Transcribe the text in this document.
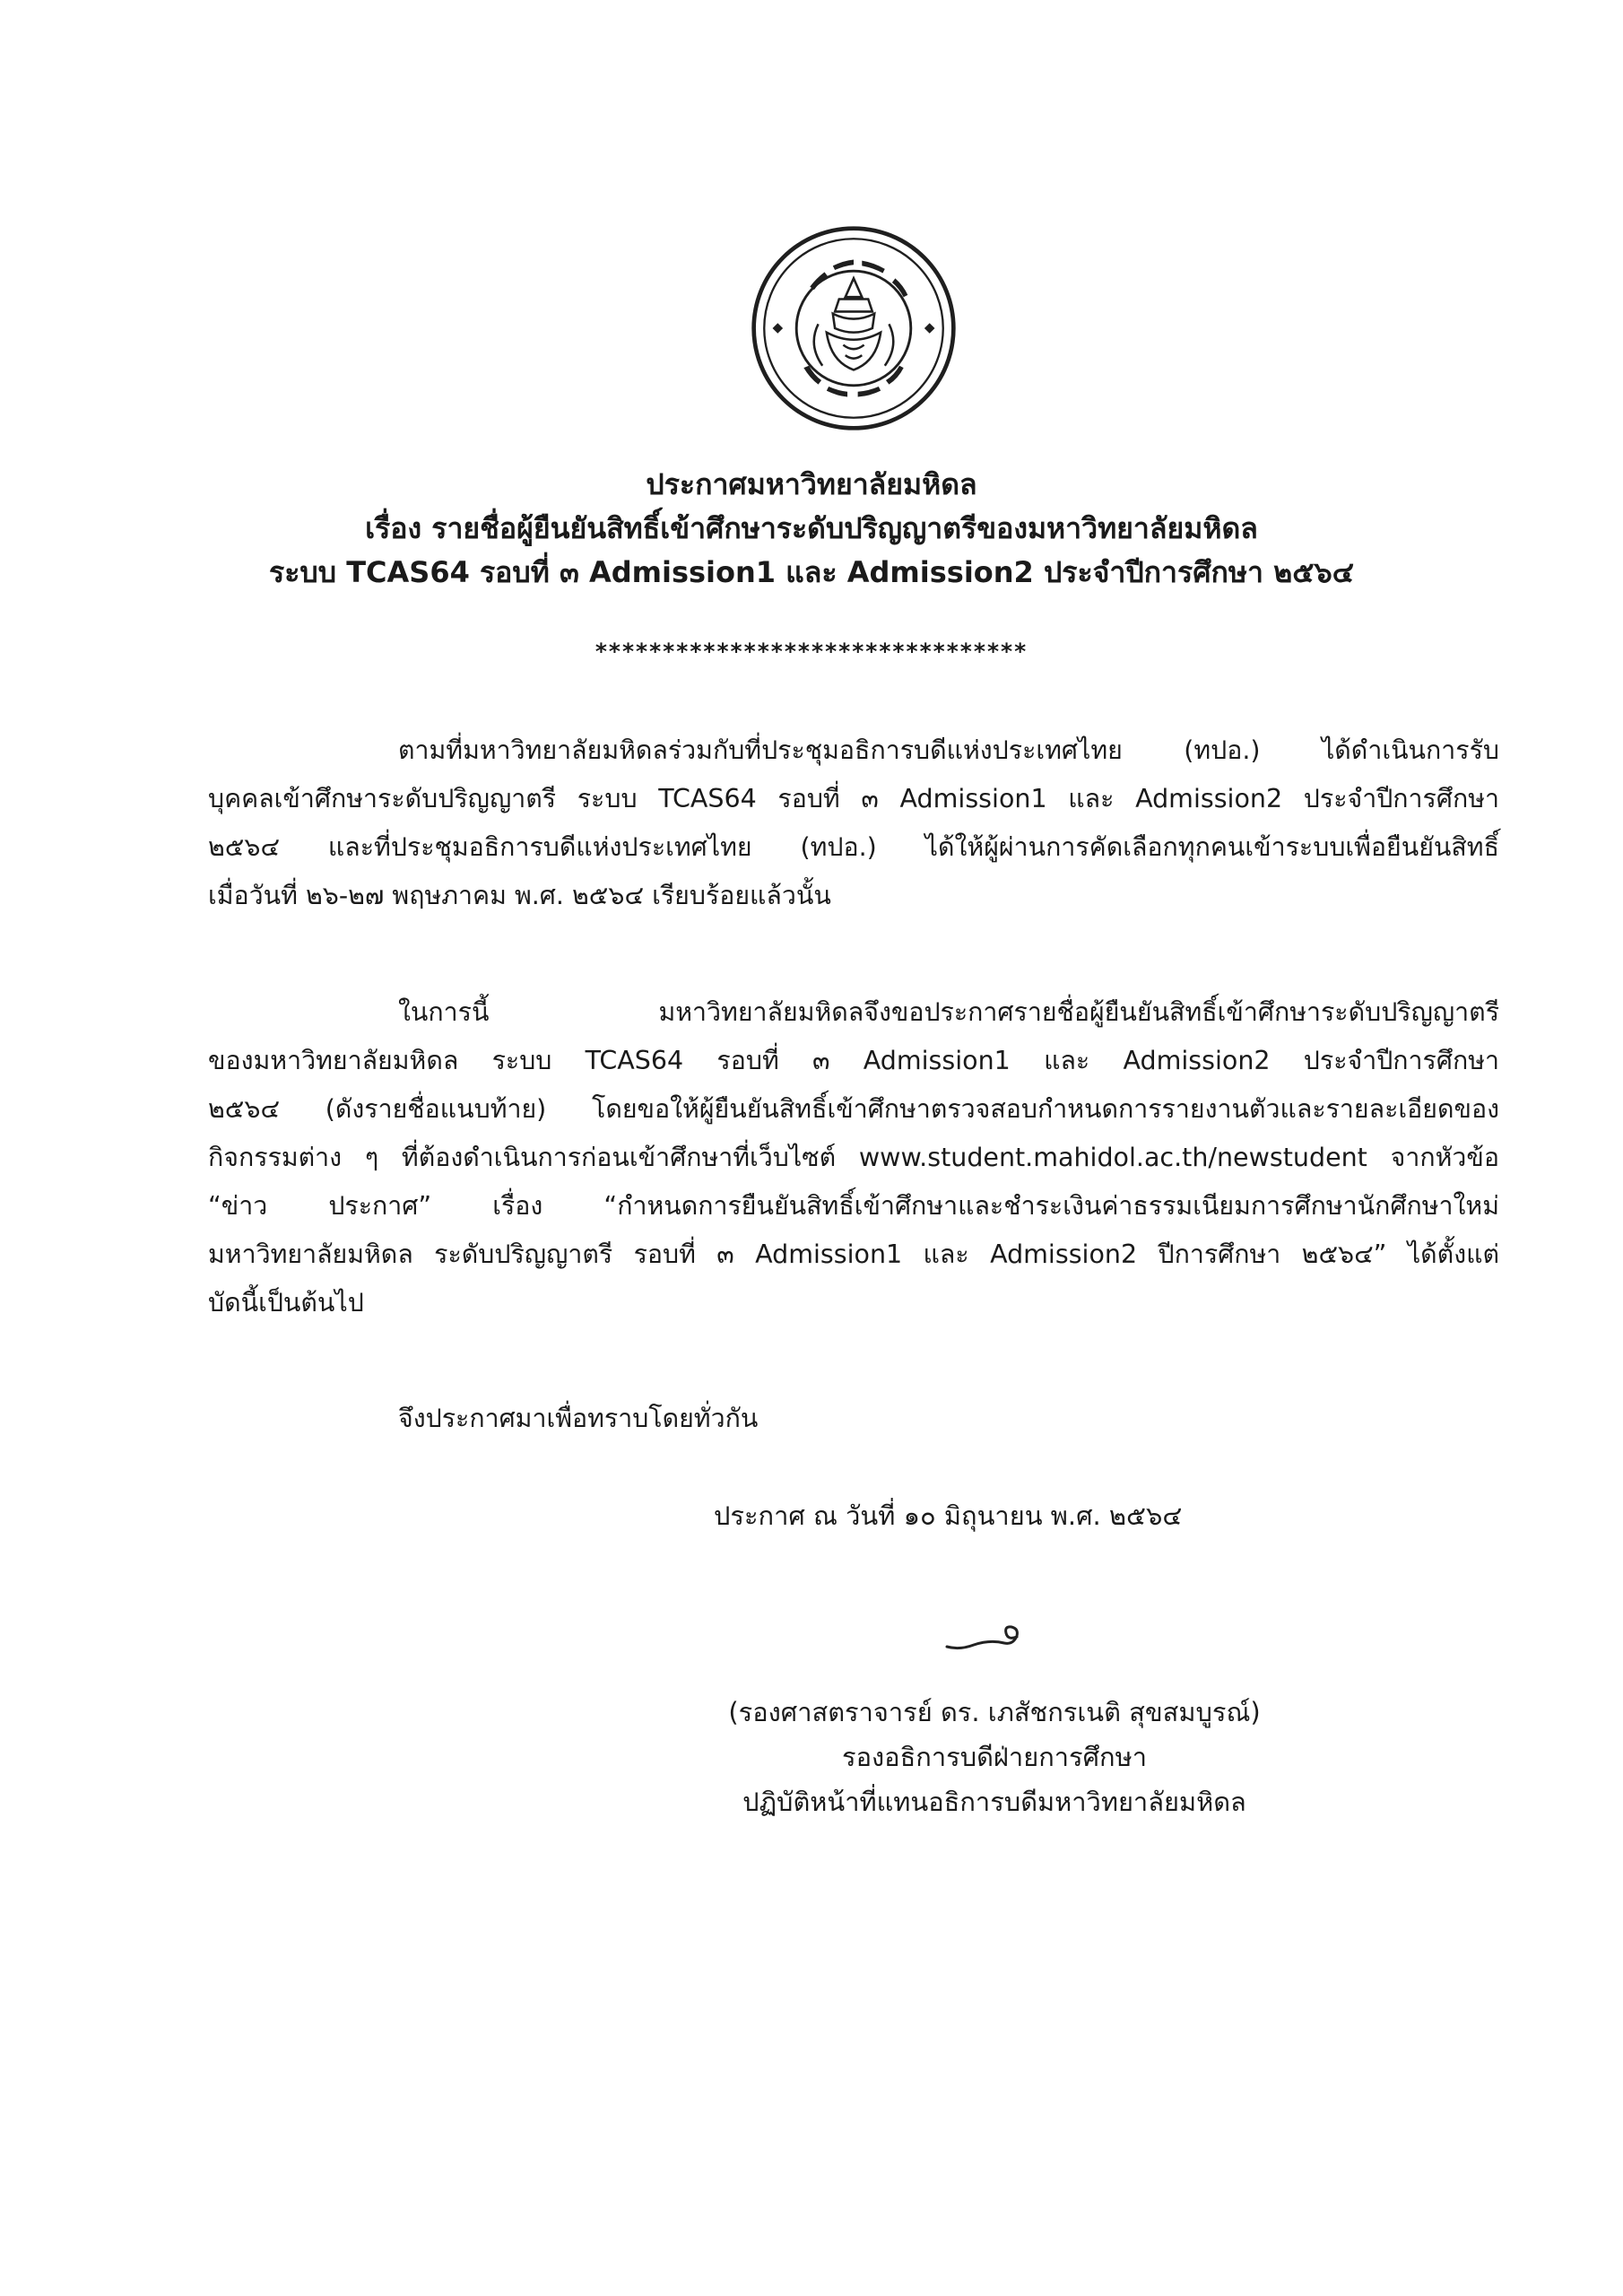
ประกาศมหาวิทยาลัยมหิดล
เรื่อง รายชื่อผู้ยืนยันสิทธิ์เข้าศึกษาระดับปริญญาตรีของมหาวิทยาลัยมหิดล
ระบบ TCAS64 รอบที่ ๓ Admission1 และ Admission2 ประจำปีการศึกษา ๒๕๖๔
********************************
ตามที่มหาวิทยาลัยมหิดลร่วมกับที่ประชุมอธิการบดีแห่งประเทศไทย (ทปอ.) ได้ดำเนินการรับ
บุคคลเข้าศึกษาระดับปริญญาตรี ระบบ TCAS64 รอบที่ ๓ Admission1 และ Admission2 ประจำปีการศึกษา
๒๕๖๔ และที่ประชุมอธิการบดีแห่งประเทศไทย (ทปอ.) ได้ให้ผู้ผ่านการคัดเลือกทุกคนเข้าระบบเพื่อยืนยันสิทธิ์
เมื่อวันที่ ๒๖-๒๗ พฤษภาคม พ.ศ. ๒๕๖๔ เรียบร้อยแล้วนั้น
ในการนี้ มหาวิทยาลัยมหิดลจึงขอประกาศรายชื่อผู้ยืนยันสิทธิ์เข้าศึกษาระดับปริญญาตรี
ของมหาวิทยาลัยมหิดล ระบบ TCAS64 รอบที่ ๓ Admission1 และ Admission2 ประจำปีการศึกษา
๒๕๖๔ (ดังรายชื่อแนบท้าย) โดยขอให้ผู้ยืนยันสิทธิ์เข้าศึกษาตรวจสอบกำหนดการรายงานตัวและรายละเอียดของ
กิจกรรมต่าง ๆ ที่ต้องดำเนินการก่อนเข้าศึกษาที่เว็บไซต์ www.student.mahidol.ac.th/newstudent จากหัวข้อ
“ข่าว ประกาศ” เรื่อง “กำหนดการยืนยันสิทธิ์เข้าศึกษาและชำระเงินค่าธรรมเนียมการศึกษานักศึกษาใหม่
มหาวิทยาลัยมหิดล ระดับปริญญาตรี รอบที่ ๓ Admission1 และ Admission2 ปีการศึกษา ๒๕๖๔” ได้ตั้งแต่
บัดนี้เป็นต้นไป
จึงประกาศมาเพื่อทราบโดยทั่วกัน
ประกาศ ณ วันที่ ๑๐ มิถุนายน พ.ศ. ๒๕๖๔
(รองศาสตราจารย์ ดร. เภสัชกรเนติ สุขสมบูรณ์)
รองอธิการบดีฝ่ายการศึกษา
ปฏิบัติหน้าที่แทนอธิการบดีมหาวิทยาลัยมหิดล
